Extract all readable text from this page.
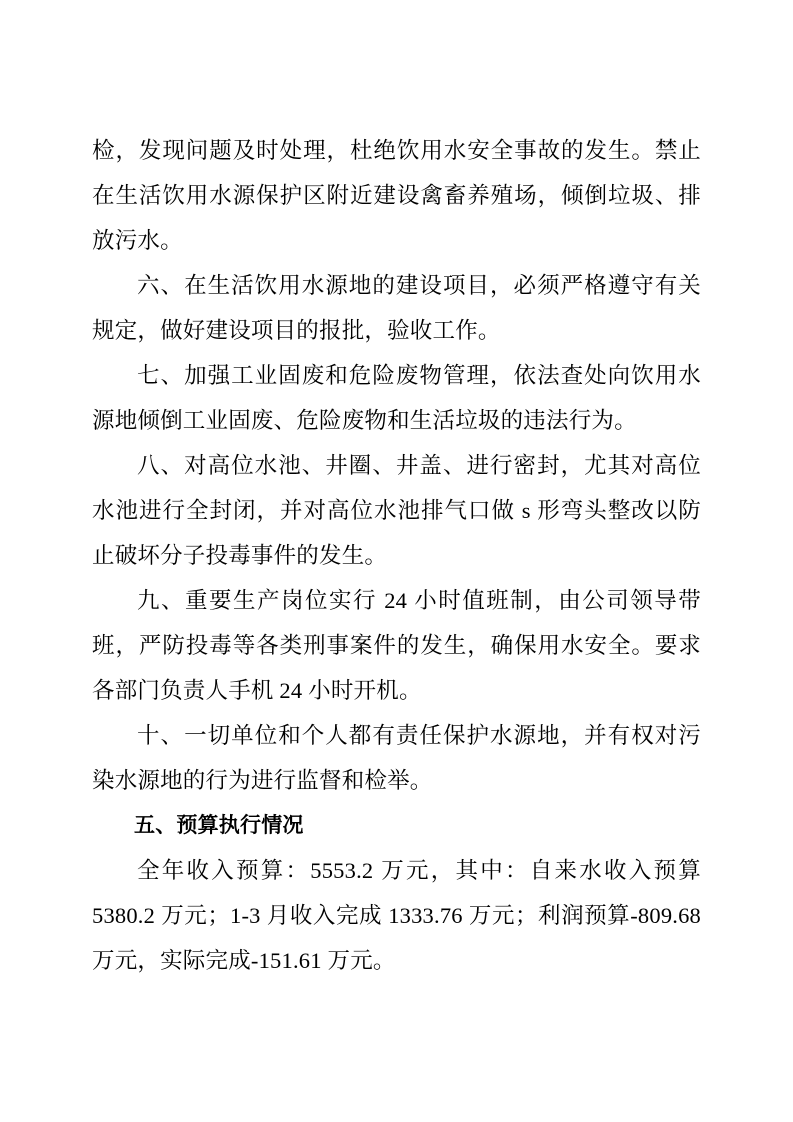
检，发现问题及时处理，杜绝饮用水安全事故的发生。禁止在生活饮用水源保护区附近建设禽畜养殖场，倾倒垃圾、排放污水。

六、在生活饮用水源地的建设项目，必须严格遵守有关规定，做好建设项目的报批，验收工作。

七、加强工业固废和危险废物管理，依法查处向饮用水源地倾倒工业固废、危险废物和生活垃圾的违法行为。

八、对高位水池、井圈、井盖、进行密封，尤其对高位水池进行全封闭，并对高位水池排气口做 s 形弯头整改以防止破坏分子投毒事件的发生。

九、重要生产岗位实行 24 小时值班制，由公司领导带班，严防投毒等各类刑事案件的发生，确保用水安全。要求各部门负责人手机 24 小时开机。

十、一切单位和个人都有责任保护水源地，并有权对污染水源地的行为进行监督和检举。

五、预算执行情况

全年收入预算：5553.2 万元，其中：自来水收入预算 5380.2 万元；1-3 月收入完成 1333.76 万元；利润预算-809.68 万元，实际完成-151.61 万元。
